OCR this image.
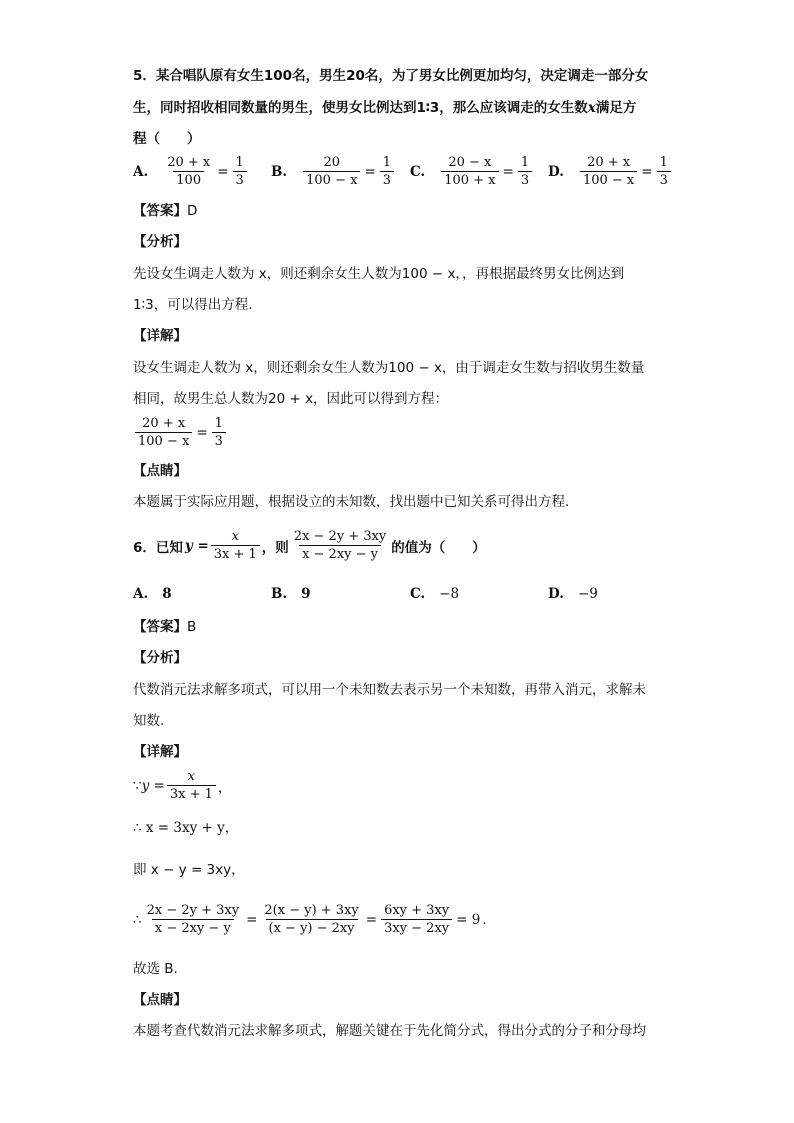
5．某合唱队原有女生100名，男生20名，为了男女比例更加均匀，决定调走一部分女
生，同时招收相同数量的男生，使男女比例达到1∶3，那么应该调走的女生数x满足方
程（　　）
A. $\frac{20 + x}{100} = \frac{1}{3} B$. $\frac{20}{100 - x} = \frac{1}{3} C$. $\frac{20 - x}{100 + x} = \frac{1}{3} D$. $\frac{20 + x}{100 - x} = \frac{1}{3}$
【答案】D
【分析】
先设女生调走人数为 x，则还剩余女生人数为100 − x，，再根据最终男女比例达到
1∶3，可以得出方程.
【详解】
设女生调走人数为 x，则还剩余女生人数为100 − x，由于调走女生数与招收男生数量
相同，故男生总人数为20 + x，因此可以得到方程：
$\frac{20 + x}{100 - x} = \frac{1}{3}$
【点睛】
本题属于实际应用题，根据设立的未知数，找出题中已知关系可得出方程.
6．已知 $y = \frac{x}{3x + 1}$ ，则 $\frac{2x - 2y + 3xy}{x - 2xy - y}$ 的值为（　　）
A. 8	B. 9	C. −8	D. −9
【答案】B
【分析】
代数消元法求解多项式，可以用一个未知数去表示另一个未知数，再带入消元，求解未
知数.
【详解】
∵ $y = \frac{x}{3x + 1}$ ，
∴ x = 3xy + y，
即 x − y = 3xy，
∴ $\frac{2x - 2y + 3xy}{x - 2xy - y} = \frac{2(x - y) + 3xy}{(x - y) - 2xy} = \frac{6xy + 3xy}{3xy - 2xy} = 9$ .
故选 B.
【点睛】
本题考查代数消元法求解多项式，解题关键在于先化简分式，得出分式的分子和分母均
